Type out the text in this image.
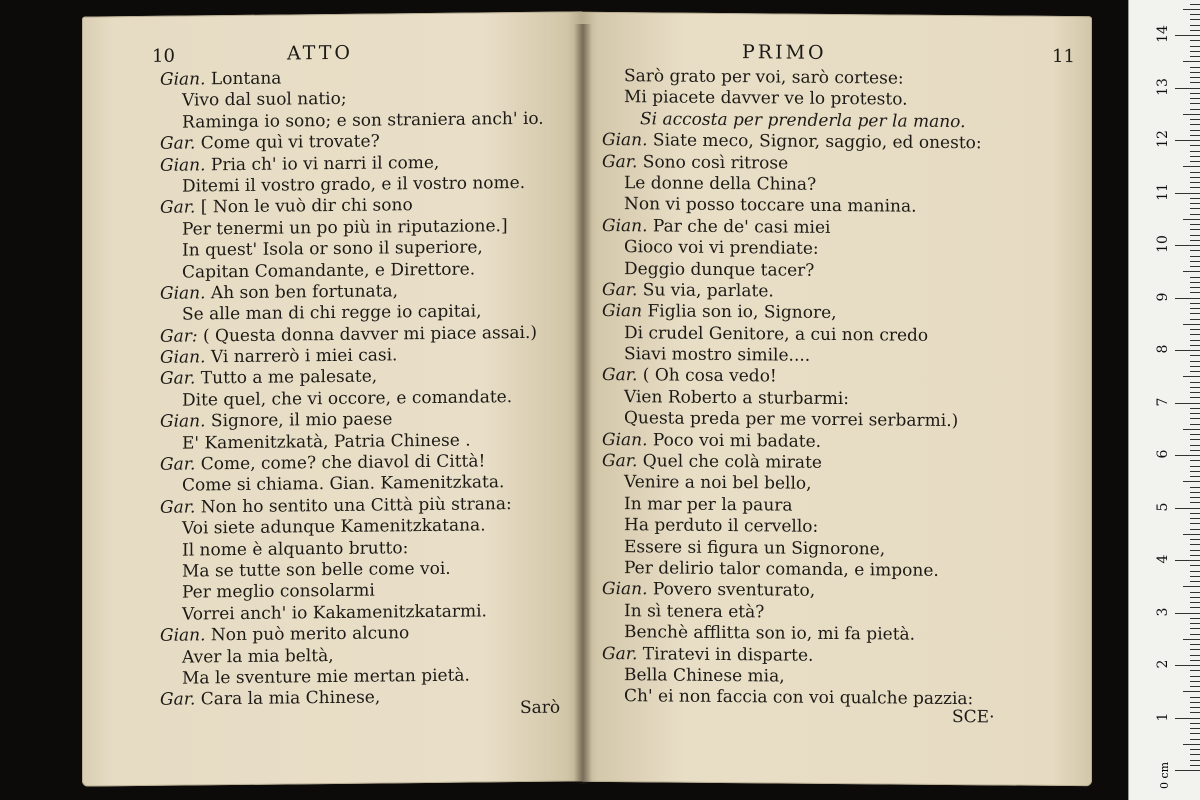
10	ATTO
Gian. Lontana
Vivo dal suol natio;
Raminga io sono; e son straniera anch' io.
Gar. Come quì vi trovate?
Gian. Pria ch' io vi narri il come,
Ditemi il vostro grado, e il vostro nome.
Gar. [ Non le vuò dir chi sono
Per tenermi un po più in riputazione.]
In quest' Isola or sono il superiore,
Capitan Comandante, e Direttore.
Gian. Ah son ben fortunata,
Se alle man di chi regge io capitai,
Gar: ( Questa donna davver mi piace assai.)
Gian. Vi narrerò i miei casi.
Gar. Tutto a me palesate,
Dite quel, che vi occore, e comandate.
Gian. Signore, il mio paese
E' Kamenitzkatà, Patria Chinese .
Gar. Come, come? che diavol di Città!
Come si chiama. Gian. Kamenitzkata.
Gar. Non ho sentito una Città più strana:
Voi siete adunque Kamenitzkatana.
Il nome è alquanto brutto:
Ma se tutte son belle come voi.
Per meglio consolarmi
Vorrei anch' io Kakamenitzkatarmi.
Gian. Non può merito alcuno
Aver la mia beltà,
Ma le sventure mie mertan pietà.
Gar. Cara la mia Chinese,	Sarò
PRIMO	11
Sarò grato per voi, sarò cortese:
Mi piacete davver ve lo protesto.
Si accosta per prenderla per la mano.
Gian. Siate meco, Signor, saggio, ed onesto:
Gar. Sono così ritrose
Le donne della China?
Non vi posso toccare una manina.
Gian. Par che de' casi miei
Gioco voi vi prendiate:
Deggio dunque tacer?
Gar. Su via, parlate.
Gian Figlia son io, Signore,
Di crudel Genitore, a cui non credo
Siavi mostro simile....
Gar. ( Oh cosa vedo!
Vien Roberto a sturbarmi:
Questa preda per me vorrei serbarmi.)
Gian. Poco voi mi badate.
Gar. Quel che colà mirate
Venire a noi bel bello,
In mar per la paura
Ha perduto il cervello:
Essere si figura un Signorone,
Per delirio talor comanda, e impone.
Gian. Povero sventurato,
In sì tenera età?
Benchè afflitta son io, mi fa pietà.
Gar. Tiratevi in disparte.
Bella Chinese mia,
Ch' ei non faccia con voi qualche pazzia:
SCE·
0 cm
1
2
3
4
5
6
7
8
9
10
11
12
13
14
